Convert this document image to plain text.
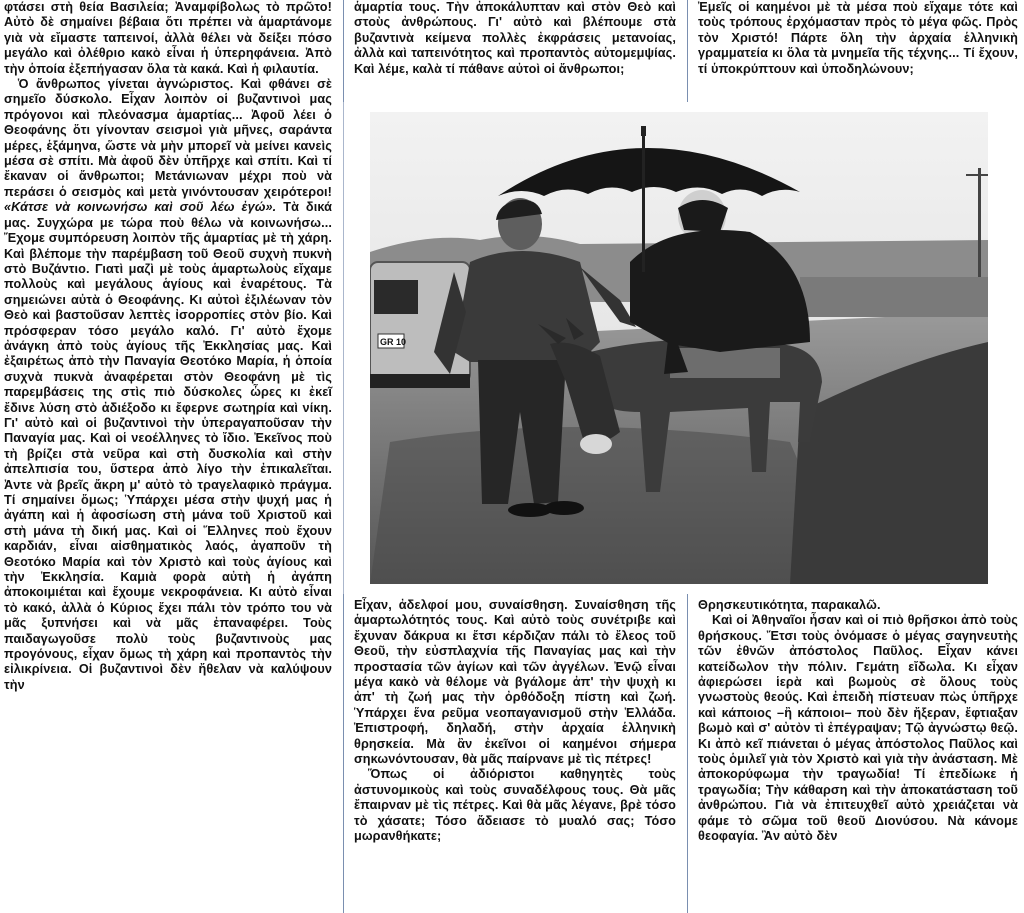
φτάσει στὴ θεία Βασιλεία; Ἀναμφίβολως τὸ πρῶτο! Αὐτὸ δὲ σημαίνει βέβαια ὅτι πρέπει νὰ ἁμαρτάνομε γιὰ νὰ εἴμαστε ταπεινοί, ἀλλὰ θέλει νὰ δείξει πόσο μεγάλο καὶ ὀλέθριο κακὸ εἶναι ἡ ὑπερηφάνεια. Ἀπὸ τὴν ὁποία ἐξεπήγασαν ὅλα τὰ κακά. Καὶ ἡ φιλαυτία.

Ὁ ἄνθρωπος γίνεται ἀγνώριστος. Καὶ φθάνει σὲ σημεῖο δύσκολο. Εἶχαν λοιπὸν οἱ βυζαντινοὶ μας πρόγονοι καὶ πλεόνασμα ἁμαρτίας... Ἀφοῦ λέει ὁ Θεοφάνης ὅτι γίνονταν σεισμοὶ γιὰ μῆνες, σαράντα μέρες, ἑξάμηνα, ὥστε νὰ μὴν μπορεῖ νὰ μείνει κανεὶς μέσα σὲ σπίτι. Μὰ ἀφοῦ δὲν ὑπῆρχε καὶ σπίτι. Καὶ τί ἔκαναν οἱ ἄνθρωποι; Μετάνιωναν μέχρι ποὺ νὰ περάσει ὁ σεισμὸς καὶ μετὰ γινόντουσαν χειρότεροι! «Κάτσε νὰ κοινωνήσω καὶ σοῦ λέω ἐγώ». Τὰ δικά μας. Συγχώρα με τώρα ποὺ θέλω νὰ κοινωνήσω... Ἔχομε συμπόρευση λοιπὸν τῆς ἁμαρτίας μὲ τὴ χάρη. Καὶ βλέπομε τὴν παρέμβαση τοῦ Θεοῦ συχνὴ πυκνὴ στὸ Βυζάντιο. Γιατὶ μαζὶ μὲ τοὺς ἁμαρτωλοὺς εἴχαμε πολλοὺς καὶ μεγάλους ἁγίους καὶ ἐναρέτους. Τὰ σημειώνει αὐτὰ ὁ Θεοφάνης. Κι αὐτοὶ ἐξιλέωναν τὸν Θεὸ καὶ βαστοῦσαν λεπτὲς ἰσορροπίες στὸν βίο. Καὶ πρόσφεραν τόσο μεγάλο καλό. Γι' αὐτὸ ἔχομε ἀνάγκη ἀπὸ τοὺς ἁγίους τῆς Ἐκκλησίας μας. Καὶ ἐξαιρέτως ἀπὸ τὴν Παναγία Θεοτόκο Μαρία, ἡ ὁποία συχνὰ πυκνὰ ἀναφέρεται στὸν Θεοφάνη μὲ τὶς παρεμβάσεις της στὶς πιὸ δύσκολες ὧρες κι ἐκεῖ ἔδινε λύση στὸ ἀδιέξοδο κι ἔφερνε σωτηρία καὶ νίκη. Γι' αὐτὸ καὶ οἱ βυζαντινοὶ τὴν ὑπεραγαποῦσαν τὴν Παναγία μας. Καὶ οἱ νεοέλληνες τὸ ἴδιο. Ἐκεῖνος ποὺ τὴ βρίζει στὰ νεῦρα καὶ στὴ δυσκολία καὶ στὴν ἀπελπισία του, ὕστερα ἀπὸ λίγο τὴν ἐπικαλεῖται. Ἀντε νὰ βρεῖς ἄκρη μ' αὐτὸ τὸ τραγελαφικὸ πράγμα. Τί σημαίνει ὅμως; Ὑπάρχει μέσα στὴν ψυχή μας ἡ ἀγάπη καὶ ἡ ἀφοσίωση στὴ μάνα τοῦ Χριστοῦ καὶ στὴ μάνα τὴ δική μας. Καὶ οἱ Ἕλληνες ποὺ ἔχουν καρδιάν, εἶναι αἰσθηματικὸς λαός, ἀγαποῦν τὴ Θεοτόκο Μαρία καὶ τὸν Χριστὸ καὶ τοὺς ἁγίους καὶ τὴν Ἐκκλησία. Καμιὰ φορὰ αὐτὴ ἡ ἀγάπη ἀποκοιμιέται καὶ ἔχουμε νεκροφάνεια. Κι αὐτὸ εἶναι τὸ κακό, ἀλλὰ ὁ Κύριος ἔχει πάλι τὸν τρόπο του νὰ μᾶς ξυπνήσει καὶ νὰ μᾶς ἐπαναφέρει. Τοὺς παιδαγωγοῦσε πολὺ τοὺς βυζαντινοὺς μας προγόνους, εἶχαν ὅμως τὴ χάρη καὶ προπαντὸς τὴν εἰλικρίνεια. Οἱ βυζαντινοὶ δὲν ἤθελαν νὰ καλύψουν τὴν

ἁμαρτία τους. Τὴν ἀποκάλυπταν καὶ στὸν Θεὸ καὶ στοὺς ἀνθρώπους. Γι' αὐτὸ καὶ βλέπουμε στὰ βυζαντινὰ κείμενα πολλὲς ἐκφράσεις μετανοίας, ἀλλὰ καὶ ταπεινότητος καὶ προπαντὸς αὐτομεμψίας. Καὶ λέμε, καλὰ τί πάθανε αὐτοὶ οἱ ἄνθρωποι;

Ἐμεῖς οἱ καημένοι μὲ τὰ μέσα ποὺ εἴχαμε τότε καὶ τοὺς τρόπους ἐρχόμασταν πρὸς τὸ μέγα φῶς. Πρὸς τὸν Χριστό! Πάρτε ὅλη τὴν ἀρχαία ἑλληνικὴ γραμματεία κι ὅλα τὰ μνημεῖα τῆς τέχνης... Τί ἔχουν, τί ὑποκρύπτουν καὶ ὑποδηλώνουν;

GR 10

Εἶχαν, ἀδελφοί μου, συναίσθηση. Συναίσθηση τῆς ἁμαρτωλότητός τους. Καὶ αὐτὸ τοὺς συνέτριβε καὶ ἔχυναν δάκρυα κι ἔτσι κέρδιζαν πάλι τὸ ἔλεος τοῦ Θεοῦ, τὴν εὐσπλαχνία τῆς Παναγίας μας καὶ τὴν προστασία τῶν ἁγίων καὶ τῶν ἀγγέλων. Ἐνῷ εἶναι μέγα κακὸ νὰ θέλομε νὰ βγάλομε ἀπ' τὴν ψυχὴ κι ἀπ' τὴ ζωή μας τὴν ὀρθόδοξη πίστη καὶ ζωή. Ὑπάρχει ἕνα ρεῦμα νεοπαγανισμοῦ στὴν Ἑλλάδα. Ἐπιστροφή, δηλαδή, στὴν ἀρχαία ἑλληνικὴ θρησκεία. Μὰ ἂν ἐκεῖνοι οἱ καημένοι σήμερα σηκωνόντουσαν, θὰ μᾶς παίρνανε μὲ τὶς πέτρες!

Ὅπως οἱ ἀδιόριστοι καθηγητὲς τοὺς ἀστυνομικοὺς καὶ τοὺς συναδέλφους τους. Θὰ μᾶς ἔπαιρναν μὲ τὶς πέτρες. Καὶ θὰ μᾶς λέγανε, βρὲ τόσο τὸ χάσατε; Τόσο ἄδειασε τὸ μυαλό σας; Τόσο μωρανθήκατε;

Θρησκευτικότητα, παρακαλῶ.

Καὶ οἱ Ἀθηναῖοι ἦσαν καὶ οἱ πιὸ θρῆσκοι ἀπὸ τοὺς θρήσκους. Ἔτσι τοὺς ὀνόμασε ὁ μέγας σαγηνευτὴς τῶν ἐθνῶν ἀπόστολος Παῦλος. Εἶχαν κάνει κατείδωλον τὴν πόλιν. Γεμάτη εἴδωλα. Κι εἶχαν ἀφιερώσει ἱερὰ καὶ βωμοὺς σὲ ὅλους τοὺς γνωστοὺς θεούς. Καὶ ἐπειδὴ πίστευαν πὼς ὑπῆρχε καὶ κάποιος –ἢ κάποιοι– ποὺ δὲν ἤξεραν, ἔφτιαξαν βωμὸ καὶ σ' αὐτὸν τὶ ἐπέγραψαν; Τῷ ἀγνώστῳ θεῷ. Κι ἀπὸ κεῖ πιάνεται ὁ μέγας ἀπόστολος Παῦλος καὶ τοὺς ὁμιλεῖ γιὰ τὸν Χριστὸ καὶ γιὰ τὴν ἀνάσταση. Μὲ ἀποκορύφωμα τὴν τραγωδία! Τί ἐπεδίωκε ἡ τραγωδία; Τὴν κάθαρση καὶ τὴν ἀποκατάσταση τοῦ ἀνθρώπου. Γιὰ νὰ ἐπιτευχθεῖ αὐτὸ χρειάζεται νὰ φάμε τὸ σῶμα τοῦ θεοῦ Διονύσου. Νὰ κάνομε θεοφαγία. Ἂν αὐτὸ δὲν
